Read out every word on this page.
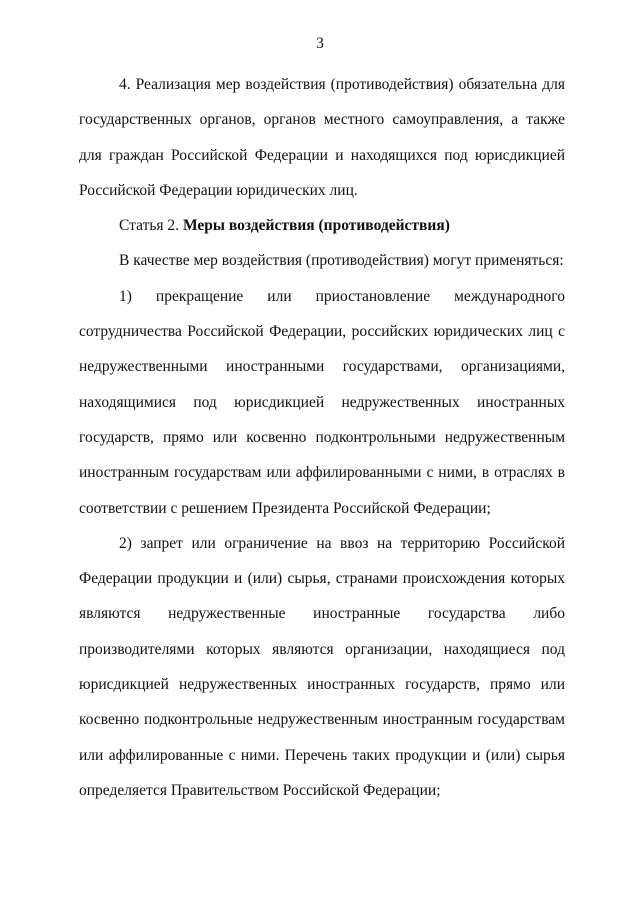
3

4. Реализация мер воздействия (противодействия) обязательна для государственных органов, органов местного самоуправления, а также для граждан Российской Федерации и находящихся под юрисдикцией Российской Федерации юридических лиц.

Статья 2. Меры воздействия (противодействия)

В качестве мер воздействия (противодействия) могут применяться:

1) прекращение или приостановление международного сотрудничества Российской Федерации, российских юридических лиц с недружественными иностранными государствами, организациями, находящимися под юрисдикцией недружественных иностранных государств, прямо или косвенно подконтрольными недружественным иностранным государствам или аффилированными с ними, в отраслях в соответствии с решением Президента Российской Федерации;

2) запрет или ограничение на ввоз на территорию Российской Федерации продукции и (или) сырья, странами происхождения которых являются недружественные иностранные государства либо производителями которых являются организации, находящиеся под юрисдикцией недружественных иностранных государств, прямо или косвенно подконтрольные недружественным иностранным государствам или аффилированные с ними. Перечень таких продукции и (или) сырья определяется Правительством Российской Федерации;
